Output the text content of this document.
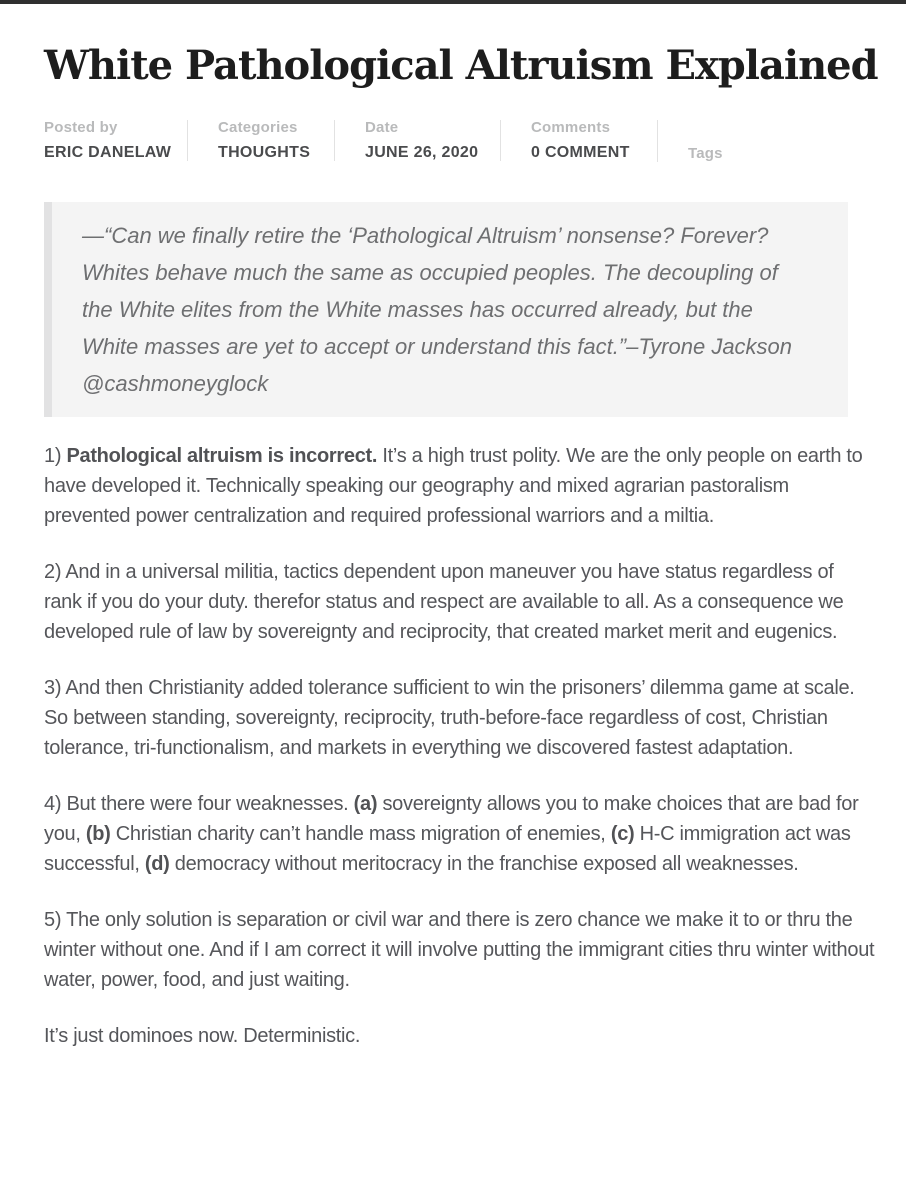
White Pathological Altruism Explained
Posted by
ERIC DANELAW
Categories
THOUGHTS
Date
JUNE 26, 2020
Comments
0 COMMENT	Tags
—“Can we finally retire the ‘Pathological Altruism’ nonsense? Forever? Whites behave much the same as occupied peoples. The decoupling of the White elites from the White masses has occurred already, but the White masses are yet to accept or understand this fact.”–Tyrone Jackson @cashmoneyglock

1) Pathological altruism is incorrect. It’s a high trust polity. We are the only people on earth to have developed it. Technically speaking our geography and mixed agrarian pastoralism prevented power centralization and required professional warriors and a miltia.

2) And in a universal militia, tactics dependent upon maneuver you have status regardless of rank if you do your duty. therefor status and respect are available to all. As a consequence we developed rule of law by sovereignty and reciprocity, that created market merit and eugenics.

3) And then Christianity added tolerance sufficient to win the prisoners’ dilemma game at scale. So between standing, sovereignty, reciprocity, truth-before-face regardless of cost, Christian tolerance, tri-functionalism, and markets in everything we discovered fastest adaptation.

4) But there were four weaknesses. (a) sovereignty allows you to make choices that are bad for you, (b) Christian charity can’t handle mass migration of enemies, (c) H-C immigration act was successful, (d) democracy without meritocracy in the franchise exposed all weaknesses.

5) The only solution is separation or civil war and there is zero chance we make it to or thru the winter without one. And if I am correct it will involve putting the immigrant cities thru winter without water, power, food, and just waiting.

It’s just dominoes now. Deterministic.
